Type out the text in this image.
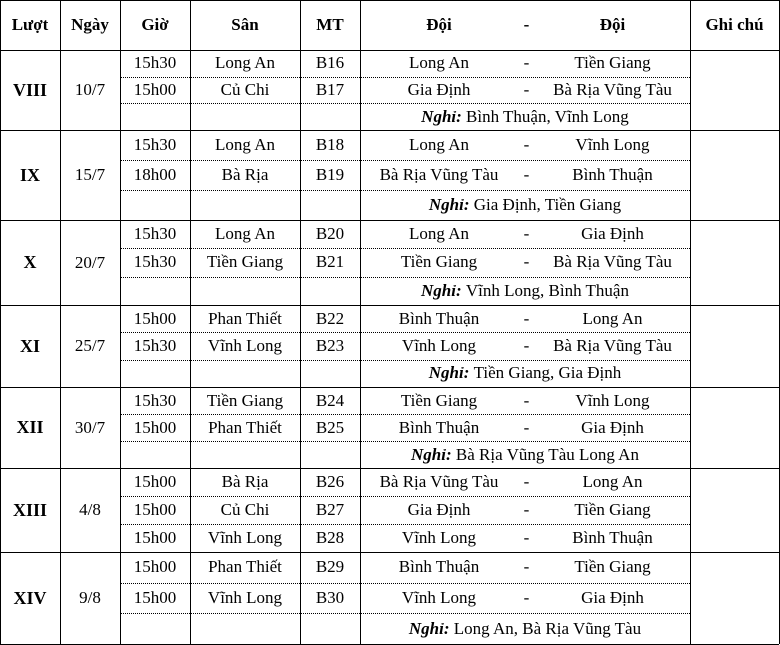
Lượt	Ngày	Giờ	Sân	MT	Đội	-	Đội	Ghi chú
VIII	10/7
15h30	Long An	B16	Long An	-	Tiền Giang
15h00	Củ Chi	B17	Gia Định	-	Bà Rịa Vũng Tàu
Nghỉ:
Bình Thuận, Vĩnh Long
IX	15/7
15h30	Long An	B18	Long An	-	Vĩnh Long
18h00	Bà Rịa	B19	Bà Rịa Vũng Tàu	-	Bình Thuận
Nghỉ:
Gia Định, Tiền Giang
X	20/7
15h30	Long An	B20	Long An	-	Gia Định
15h30	Tiền Giang	B21	Tiền Giang	-	Bà Rịa Vũng Tàu
Nghỉ:
Vĩnh Long, Bình Thuận
XI	25/7
15h00	Phan Thiết	B22	Bình Thuận	-	Long An
15h30	Vĩnh Long	B23	Vĩnh Long	-	Bà Rịa Vũng Tàu
Nghỉ:
Tiền Giang, Gia Định
XII	30/7
15h30	Tiền Giang	B24	Tiền Giang	-	Vĩnh Long
15h00	Phan Thiết	B25	Bình Thuận	-	Gia Định
Nghỉ:
Bà Rịa Vũng Tàu Long An
XIII	4/8
15h00	Bà Rịa	B26	Bà Rịa Vũng Tàu	-	Long An
15h00	Củ Chi	B27	Gia Định	-	Tiền Giang
15h00	Vĩnh Long	B28	Vĩnh Long	-	Bình Thuận
XIV	9/8
15h00	Phan Thiết	B29	Bình Thuận	-	Tiền Giang
15h00	Vĩnh Long	B30	Vĩnh Long	-	Gia Định
Nghỉ:
Long An, Bà Rịa Vũng Tàu
